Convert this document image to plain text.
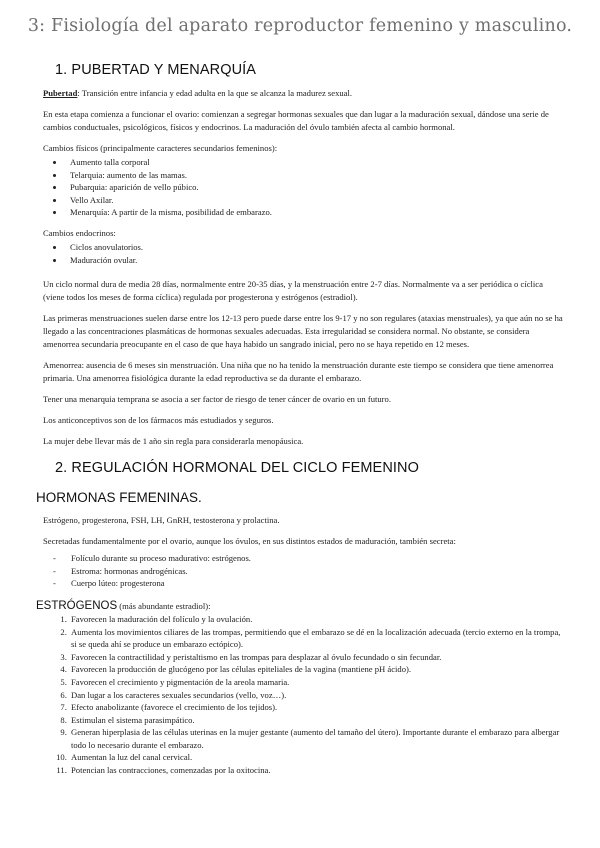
3: Fisiología del aparato reproductor femenino y masculino.
1. PUBERTAD Y MENARQUÍA

Pubertad: Transición entre infancia y edad adulta en la que se alcanza la madurez sexual.

En esta etapa comienza a funcionar el ovario: comienzan a segregar hormonas sexuales que dan lugar a la maduración sexual, dándose una serie de cambios conductuales, psicológicos, físicos y endocrinos. La maduración del óvulo también afecta al cambio hormonal.

Cambios físicos (principalmente caracteres secundarios femeninos):

• Aumento talla corporal
• Telarquia: aumento de las mamas.
• Pubarquia: aparición de vello púbico.
• Vello Axilar.
• Menarquía: A partir de la misma, posibilidad de embarazo.

Cambios endocrinos:

• Ciclos anovulatorios.
• Maduración ovular.

Un ciclo normal dura de media 28 días, normalmente entre 20-35 días, y la menstruación entre 2-7 días. Normalmente va a ser periódica o cíclica (viene todos los meses de forma cíclica) regulada por progesterona y estrógenos (estradiol).

Las primeras menstruaciones suelen darse entre los 12-13 pero puede darse entre los 9-17 y no son regulares (ataxias menstruales), ya que aún no se ha llegado a las concentraciones plasmáticas de hormonas sexuales adecuadas. Esta irregularidad se considera normal. No obstante, se considera amenorrea secundaria preocupante en el caso de que haya habido un sangrado inicial, pero no se haya repetido en 12 meses.

Amenorrea: ausencia de 6 meses sin menstruación. Una niña que no ha tenido la menstruación durante este tiempo se considera que tiene amenorrea primaria. Una amenorrea fisiológica durante la edad reproductiva se da durante el embarazo.

Tener una menarquia temprana se asocia a ser factor de riesgo de tener cáncer de ovario en un futuro.

Los anticonceptivos son de los fármacos más estudiados y seguros.

La mujer debe llevar más de 1 año sin regla para considerarla menopáusica.

2. REGULACIÓN HORMONAL DEL CICLO FEMENINO
HORMONAS FEMENINAS.

Estrógeno, progesterona, FSH, LH, GnRH, testosterona y prolactina.

Secretadas fundamentalmente por el ovario, aunque los óvulos, en sus distintos estados de maduración, también secreta:

- Folículo durante su proceso madurativo: estrógenos.
- Estroma: hormonas androgénicas.
- Cuerpo lúteo: progesterona
ESTRÓGENOS (más abundante estradiol):
1. Favorecen la maduración del folículo y la ovulación.
2. Aumenta los movimientos ciliares de las trompas, permitiendo que el embarazo se dé en la localización adecuada (tercio externo en la trompa, si se queda ahí se produce un embarazo ectópico).
3. Favorecen la contractilidad y peristaltismo en las trompas para desplazar al óvulo fecundado o sin fecundar.
4. Favorecen la producción de glucógeno por las células epiteliales de la vagina (mantiene pH ácido).
5. Favorecen el crecimiento y pigmentación de la areola mamaria.
6. Dan lugar a los caracteres sexuales secundarios (vello, voz…).
7. Efecto anabolizante (favorece el crecimiento de los tejidos).
8. Estimulan el sistema parasimpático.
9. Generan hiperplasia de las células uterinas en la mujer gestante (aumento del tamaño del útero). Importante durante el embarazo para albergar todo lo necesario durante el embarazo.
10. Aumentan la luz del canal cervical.
11. Potencian las contracciones, comenzadas por la oxitocina.
